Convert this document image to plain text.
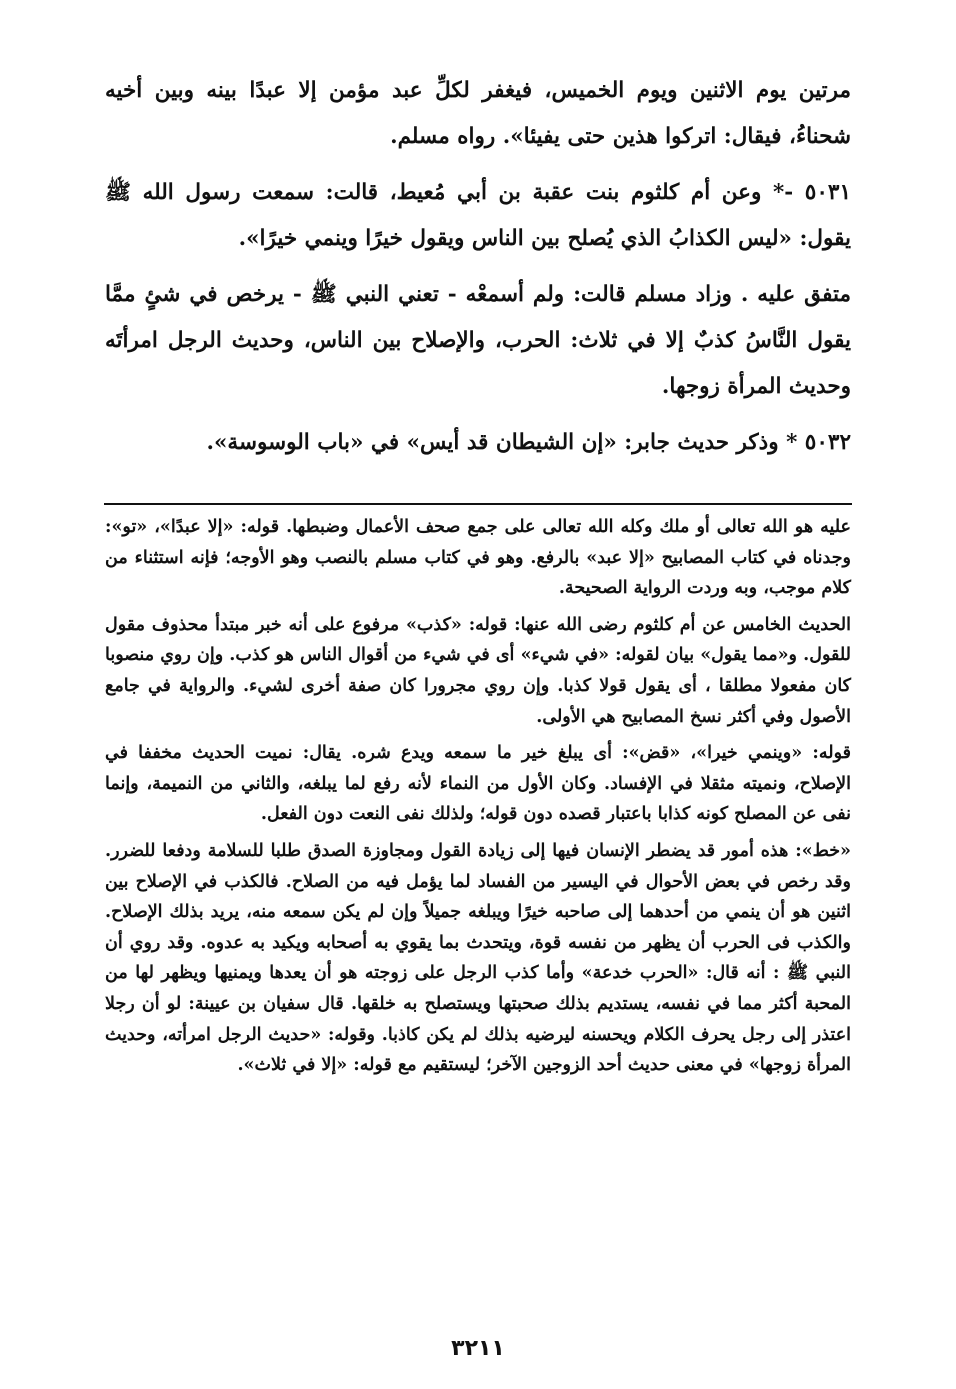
مرتين يوم الاثنين ويوم الخميس، فيغفر لكلِّ عبد مؤمن إلا عبدًا بينه وبين أخيه شحناءُ، فيقال: اتركوا هذين حتى يفيئا». رواه مسلم.

٥٠٣١ -* وعن أم كلثوم بنت عقبة بن أبي مُعيط، قالت: سمعت رسول الله ﷺ يقول: «ليس الكذابُ الذي يُصلح بين الناس ويقول خيرًا وينمي خيرًا».

متفق عليه . وزاد مسلم قالت: ولم أسمعْه - تعني النبي ﷺ - يرخص في شئٍ ممَّا يقول النَّاسُ كذبٌ إلا في ثلاث: الحرب، والإصلاح بين الناس، وحديث الرجل امرأتَه وحديث المرأة زوجها.

٥٠٣٢ * وذكر حديث جابر: «إن الشيطان قد أيس» في «باب الوسوسة».

عليه هو الله تعالى أو ملك وكله الله تعالى على جمع صحف الأعمال وضبطها. قوله: «إلا عبدًا»، «تو»: وجدناه في كتاب المصابيح «إلا عبد» بالرفع. وهو في كتاب مسلم بالنصب وهو الأوجه؛ فإنه استثناء من كلام موجب، وبه وردت الرواية الصحيحة.

الحديث الخامس عن أم كلثوم رضى الله عنها: قوله: «كذب» مرفوع على أنه خبر مبتدأ محذوف مقول للقول. و«مما يقول» بيان لقوله: «في شيء» أى في شيء من أقوال الناس هو كذب. وإن روي منصوبا كان مفعولا مطلقا ، أى يقول قولا كذبا. وإن روي مجرورا كان صفة أخرى لشيء. والرواية في جامع الأصول وفي أكثر نسخ المصابيح هي الأولى.

قوله: «وينمي خيرا»، «قض»: أى يبلغ خير ما سمعه ويدع شره. يقال: نميت الحديث مخففا في الإصلاح، ونميته مثقلا في الإفساد. وكان الأول من النماء لأنه رفع لما يبلغه، والثاني من النميمة، وإنما نفى عن المصلح كونه كذابا باعتبار قصده دون قوله؛ ولذلك نفى النعت دون الفعل.

«خط»: هذه أمور قد يضطر الإنسان فيها إلى زيادة القول ومجاوزة الصدق طلبا للسلامة ودفعا للضرر. وقد رخص في بعض الأحوال في اليسير من الفساد لما يؤمل فيه من الصلاح. فالكذب في الإصلاح بين اثنين هو أن ينمي من أحدهما إلى صاحبه خيرًا ويبلغه جميلاً وإن لم يكن سمعه منه، يريد بذلك الإصلاح. والكذب فى الحرب أن يظهر من نفسه قوة، ويتحدث بما يقوي به أصحابه ويكيد به عدوه. وقد روي أن النبي ﷺ : أنه قال: «الحرب خدعة» وأما كذب الرجل على زوجته هو أن يعدها ويمنيها ويظهر لها من المحبة أكثر مما في نفسه، يستديم بذلك صحبتها ويستصلح به خلقها. قال سفيان بن عيينة: لو أن رجلا اعتذر إلى رجل يحرف الكلام ويحسنه ليرضيه بذلك لم يكن كاذبا. وقوله: «حديث الرجل امرأته، وحديث المرأة زوجها» في معنى حديث أحد الزوجين الآخر؛ ليستقيم مع قوله: «إلا في ثلاث».

٣٢١١
